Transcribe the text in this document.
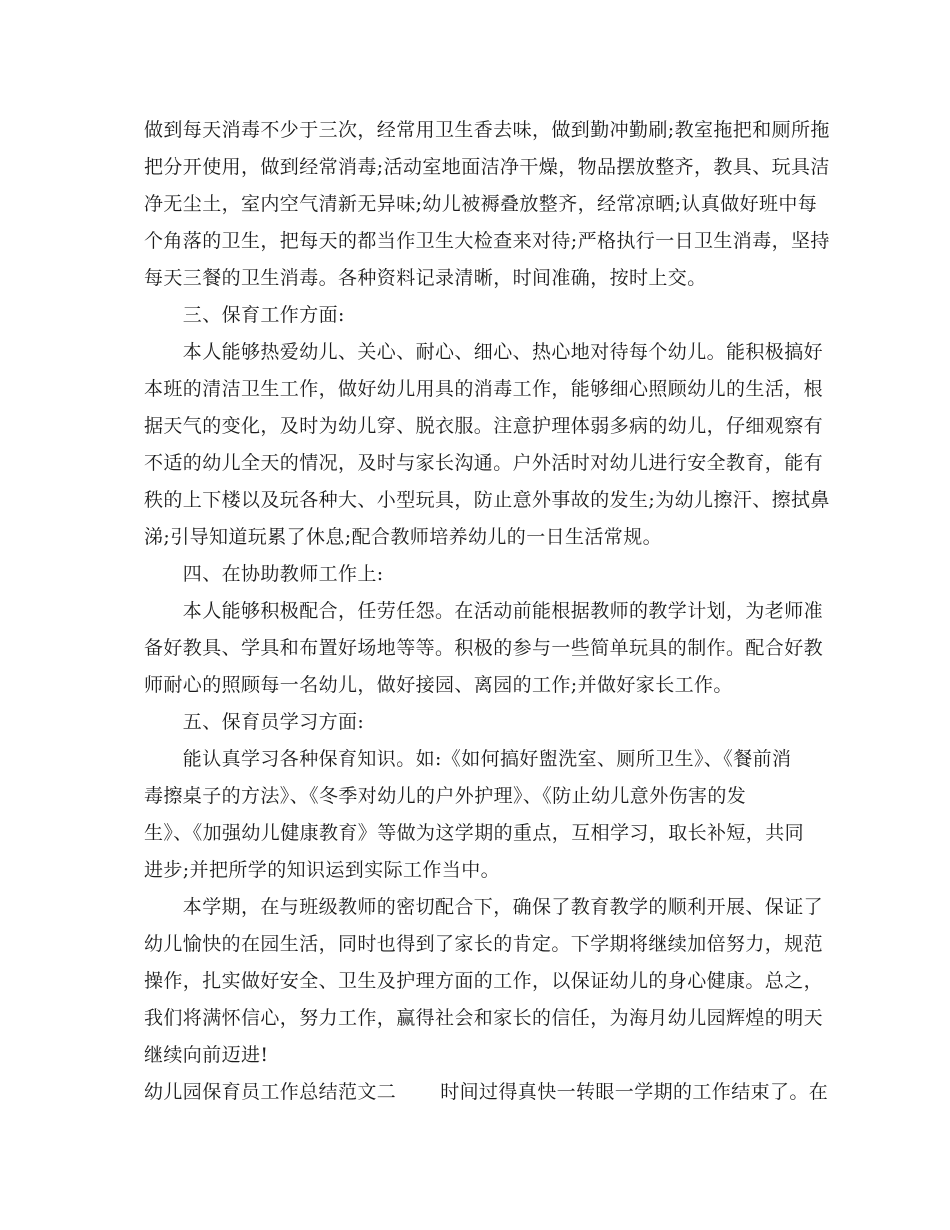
做到每天消毒不少于三次，经常用卫生香去味，做到勤冲勤刷;教室拖把和厕所拖
把分开使用，做到经常消毒;活动室地面洁净干燥，物品摆放整齐，教具、玩具洁
净无尘土，室内空气清新无异味;幼儿被褥叠放整齐，经常凉晒;认真做好班中每
个角落的卫生，把每天的都当作卫生大检查来对待;严格执行一日卫生消毒，坚持
每天三餐的卫生消毒。各种资料记录清晰，时间准确，按时上交。
　　三、保育工作方面:
　　本人能够热爱幼儿、关心、耐心、细心、热心地对待每个幼儿。能积极搞好
本班的清洁卫生工作，做好幼儿用具的消毒工作，能够细心照顾幼儿的生活，根
据天气的变化，及时为幼儿穿、脱衣服。注意护理体弱多病的幼儿，仔细观察有
不适的幼儿全天的情况，及时与家长沟通。户外活时对幼儿进行安全教育，能有
秩的上下楼以及玩各种大、小型玩具，防止意外事故的发生;为幼儿擦汗、擦拭鼻
涕;引导知道玩累了休息;配合教师培养幼儿的一日生活常规。
　　四、在协助教师工作上:
　　本人能够积极配合，任劳任怨。在活动前能根据教师的教学计划，为老师准
备好教具、学具和布置好场地等等。积极的参与一些简单玩具的制作。配合好教
师耐心的照顾每一名幼儿，做好接园、离园的工作;并做好家长工作。
　　五、保育员学习方面:
　　能认真学习各种保育知识。如:《如何搞好盥洗室、厕所卫生》、《餐前消
毒擦桌子的方法》、《冬季对幼儿的户外护理》、《防止幼儿意外伤害的发
生》、《加强幼儿健康教育》等做为这学期的重点，互相学习，取长补短，共同
进步;并把所学的知识运到实际工作当中。
　　本学期，在与班级教师的密切配合下，确保了教育教学的顺利开展、保证了
幼儿愉快的在园生活，同时也得到了家长的肯定。下学期将继续加倍努力，规范
操作，扎实做好安全、卫生及护理方面的工作，以保证幼儿的身心健康。总之，
我们将满怀信心，努力工作，赢得社会和家长的信任，为海月幼儿园辉煌的明天
继续向前迈进!
幼儿园保育员工作总结范文二 时间过得真快一转眼一学期的工作结束了。在
